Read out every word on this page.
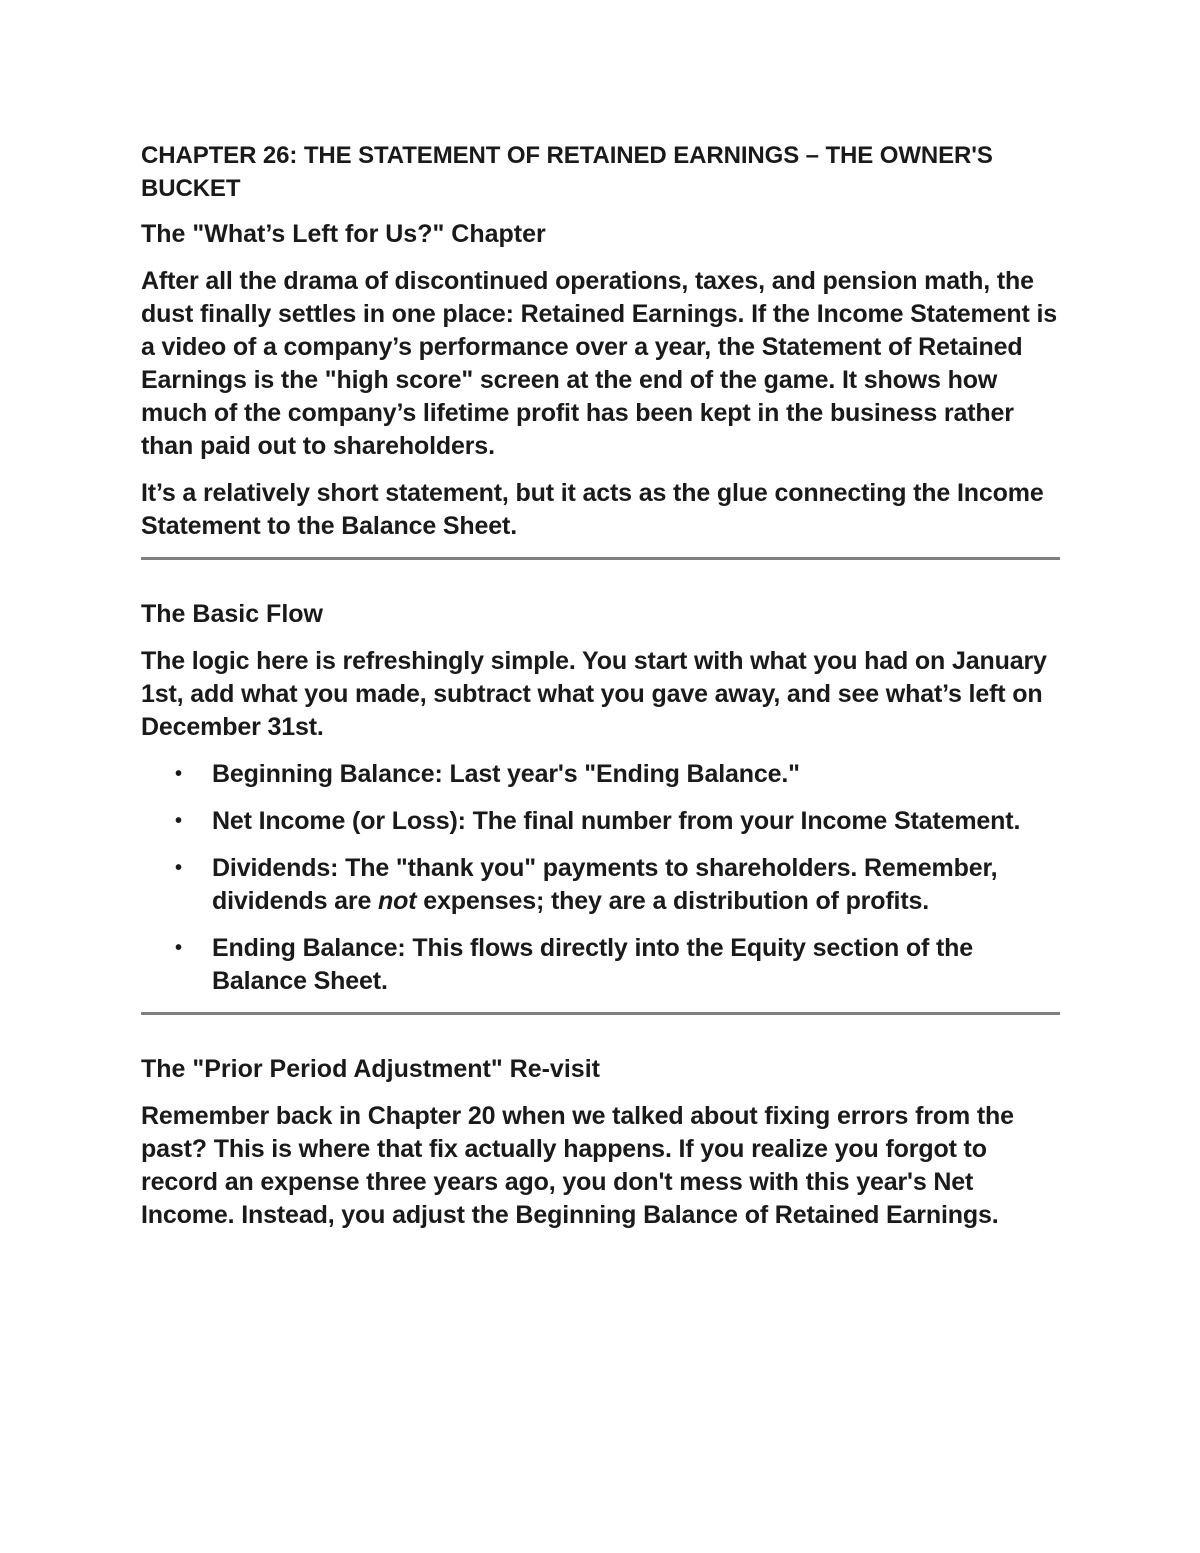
CHAPTER 26: THE STATEMENT OF RETAINED EARNINGS – THE OWNER'S BUCKET
The "What’s Left for Us?" Chapter

After all the drama of discontinued operations, taxes, and pension math, the dust finally settles in one place: Retained Earnings. If the Income Statement is a video of a company’s performance over a year, the Statement of Retained Earnings is the "high score" screen at the end of the game. It shows how much of the company’s lifetime profit has been kept in the business rather than paid out to shareholders.

It’s a relatively short statement, but it acts as the glue connecting the Income Statement to the Balance Sheet.

The Basic Flow

The logic here is refreshingly simple. You start with what you had on January 1st, add what you made, subtract what you gave away, and see what’s left on December 31st.

• Beginning Balance: Last year's "Ending Balance."
• Net Income (or Loss): The final number from your Income Statement.
• Dividends: The "thank you" payments to shareholders. Remember, dividends are not expenses; they are a distribution of profits.
• Ending Balance: This flows directly into the Equity section of the Balance Sheet.
The "Prior Period Adjustment" Re-visit

Remember back in Chapter 20 when we talked about fixing errors from the past? This is where that fix actually happens. If you realize you forgot to record an expense three years ago, you don't mess with this year's Net Income. Instead, you adjust the Beginning Balance of Retained Earnings.
